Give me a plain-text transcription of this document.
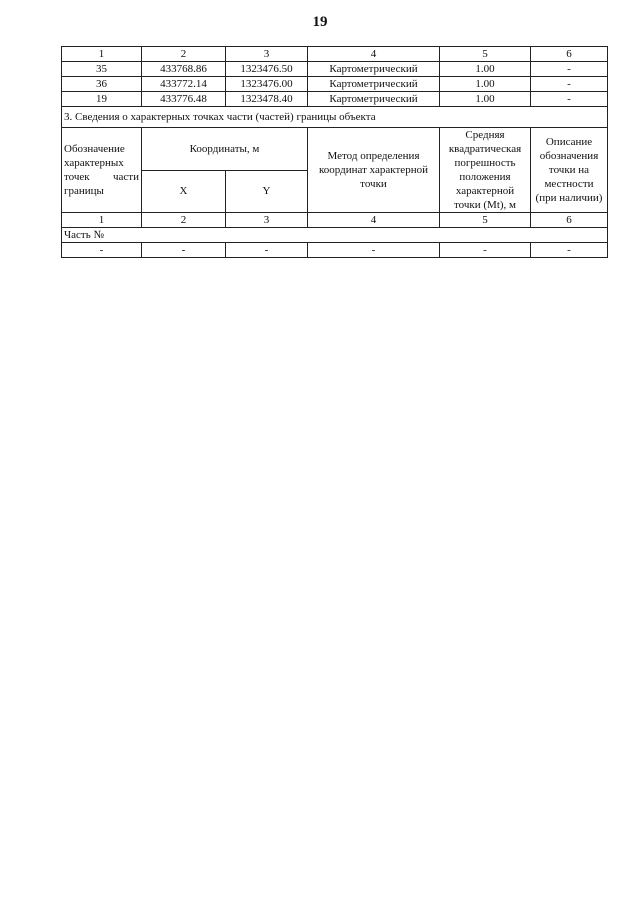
19
1	2	3	4	5	6
35	433768.86	1323476.50	Картометрический	1.00	-
36	433772.14	1323476.00	Картометрический	1.00	-
19	433776.48	1323478.40	Картометрический	1.00	-
3. Сведения о характерных точках части (частей) границы объекта					
Обозначение характерных точек части границы	Координаты, м		Метод определения координат характерной точки	Средняя квадратическая погрешность положения характерной точки (Mt), м	Описание обозначения точки на местности (при наличии)
	X	Y			
1	2	3	4	5	6
Часть №					
-	-	-	-	-	-
